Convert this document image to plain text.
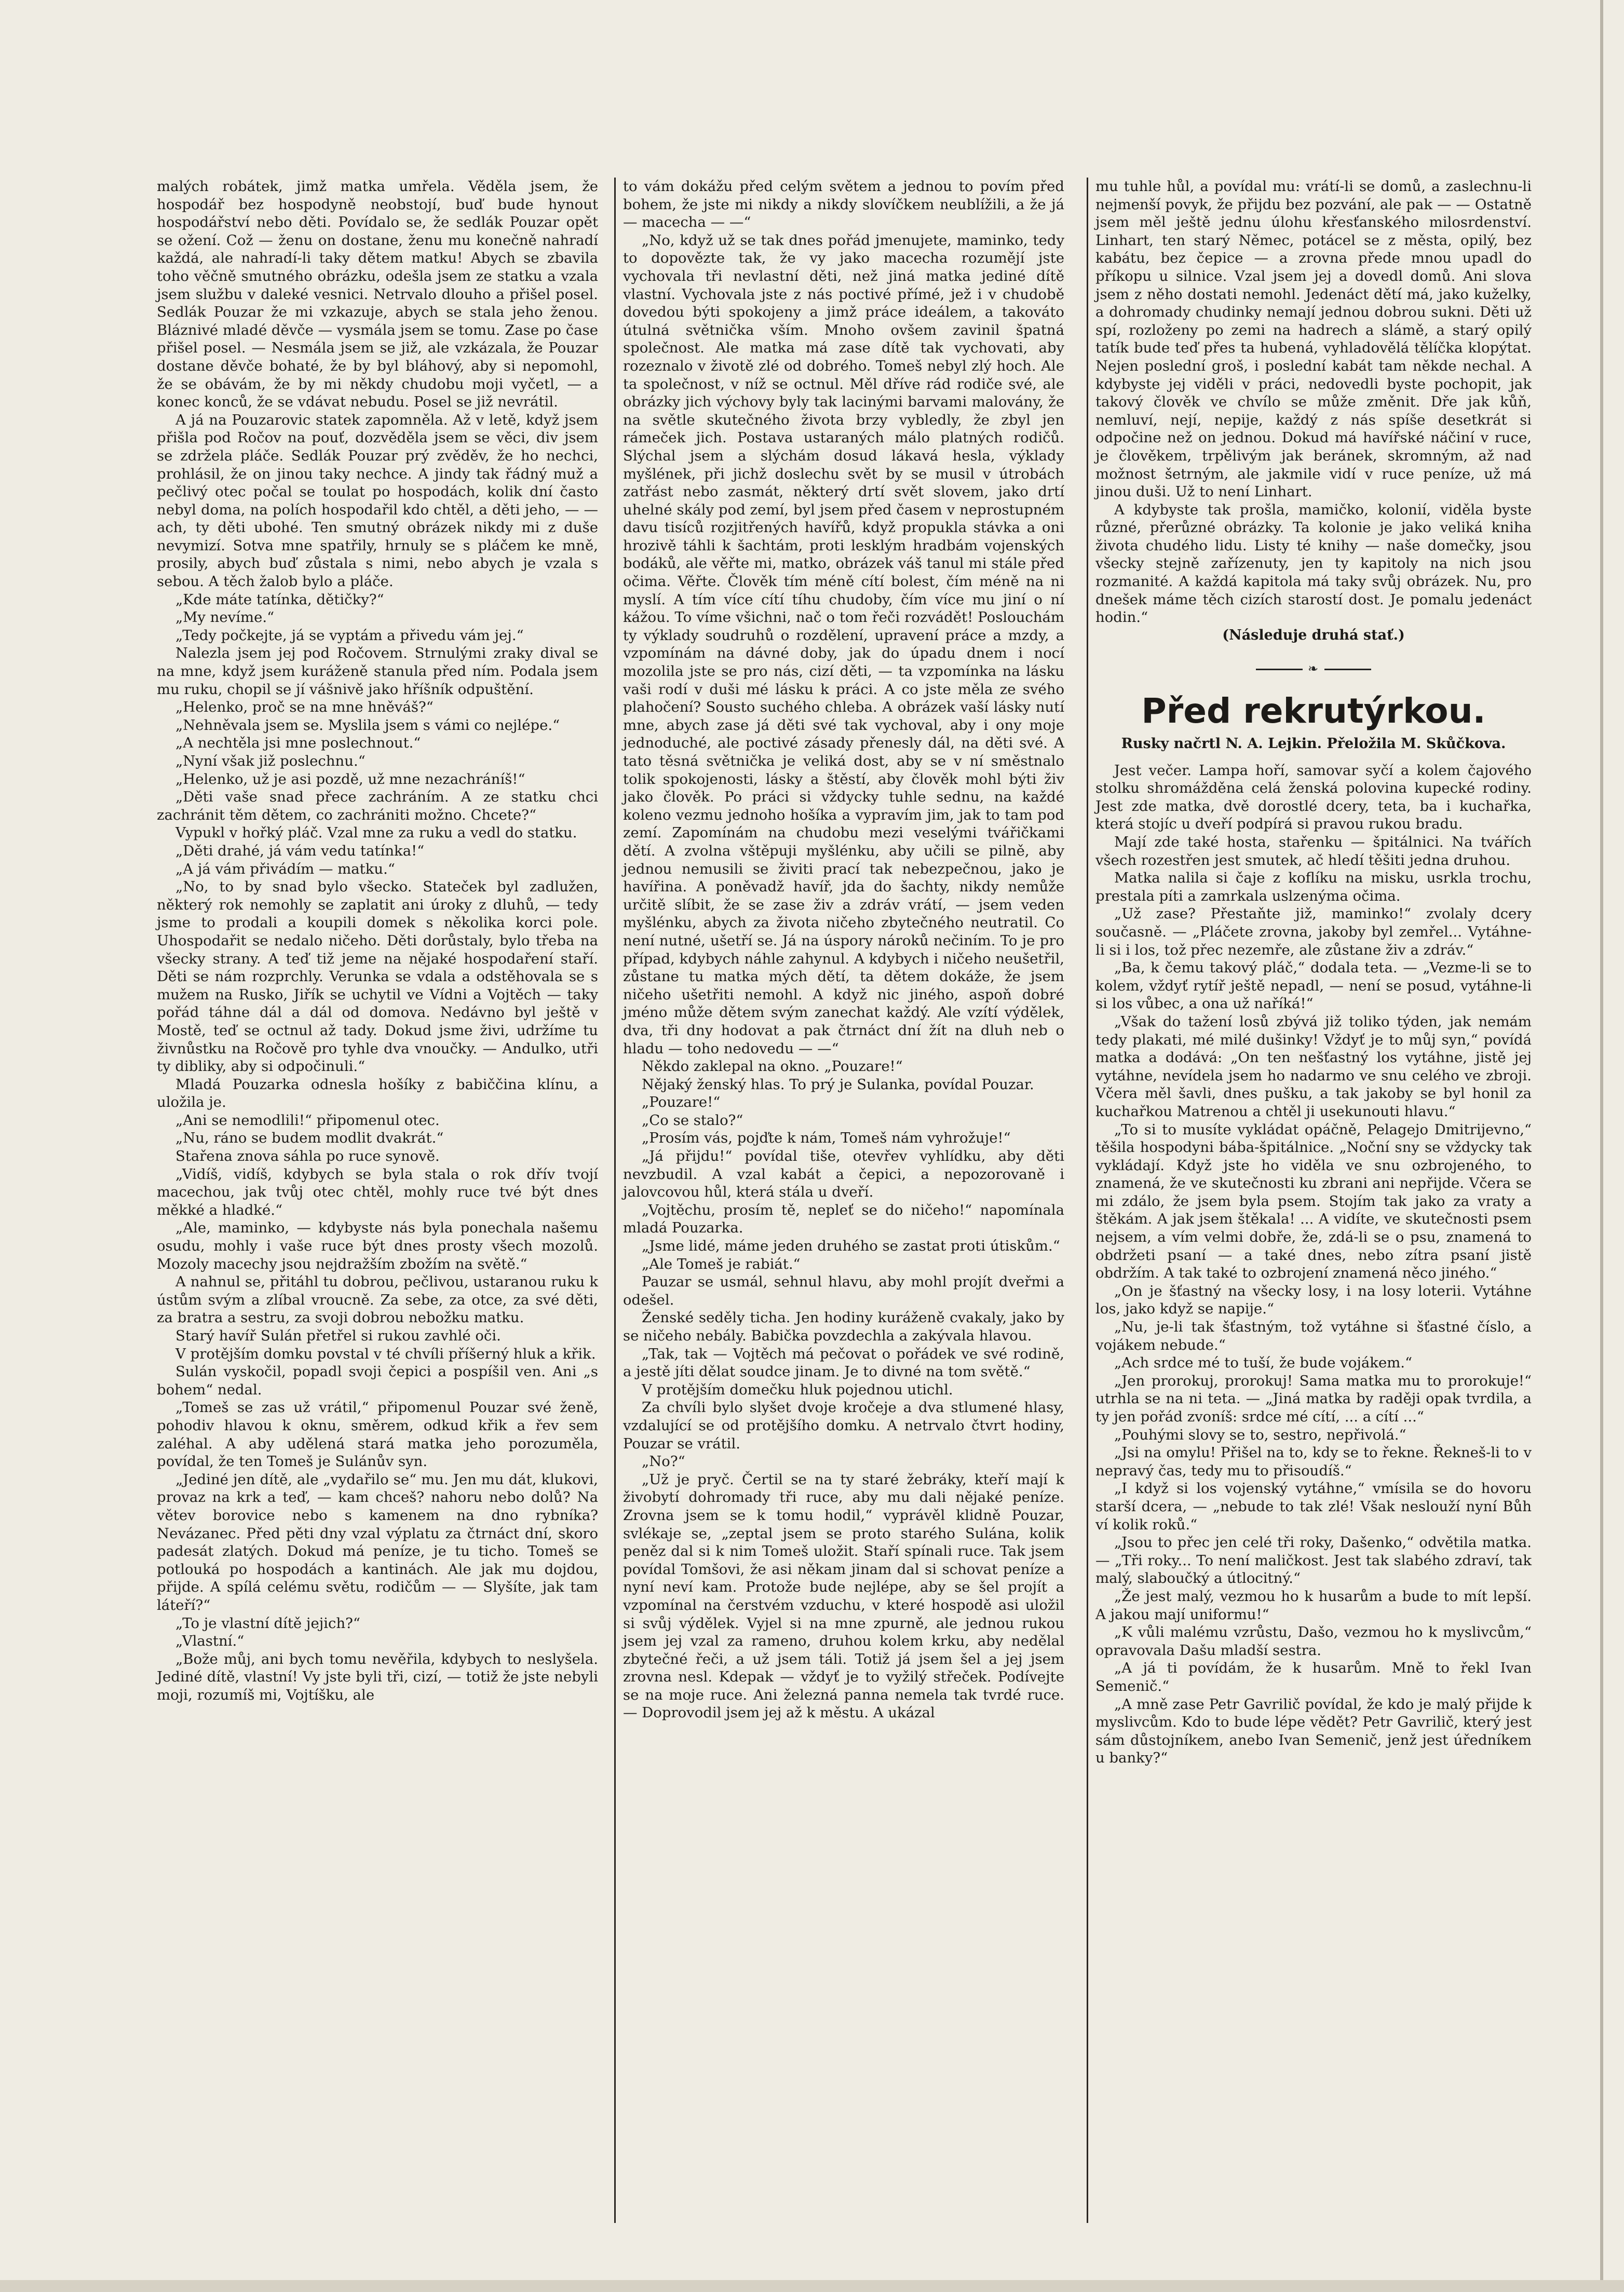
malých robátek, jimž matka umřela. Věděla jsem, že hospodář bez hospodyně neobstojí, buď bude hynout hospodářství nebo děti. Povídalo se, že sedlák Pouzar opět se ožení. Což — ženu on dostane, ženu mu konečně nahradí každá, ale nahradí-li taky dětem matku! Abych se zbavila toho věčně smutného obrázku, odešla jsem ze statku a vzala jsem službu v daleké vesnici. Netrvalo dlouho a přišel posel. Sedlák Pouzar že mi vzkazuje, abych se stala jeho ženou. Bláznivé mladé děvče — vysmála jsem se tomu. Zase po čase přišel posel. — Nesmála jsem se již, ale vzkázala, že Pouzar dostane děvče bohaté, že by byl bláhový, aby si nepomohl, že se obávám, že by mi někdy chudobu moji vyčetl, — a konec konců, že se vdávat nebudu. Posel se již nevrátil.

A já na Pouzarovic statek zapomněla. Až v letě, když jsem přišla pod Ročov na pouť, dozvěděla jsem se věci, div jsem se zdržela pláče. Sedlák Pouzar prý zvěděv, že ho nechci, prohlásil, že on jinou taky nechce. A jindy tak řádný muž a pečlivý otec počal se toulat po hospodách, kolik dní často nebyl doma, na polích hospodařil kdo chtěl, a děti jeho, — — ach, ty děti ubohé. Ten smutný obrázek nikdy mi z duše nevymizí. Sotva mne spatřily, hrnuly se s pláčem ke mně, prosily, abych buď zůstala s nimi, nebo abych je vzala s sebou. A těch žalob bylo a pláče.

„Kde máte tatínka, dětičky?“

„My nevíme.“

„Tedy počkejte, já se vyptám a přivedu vám jej.“

Nalezla jsem jej pod Ročovem. Strnulými zraky dival se na mne, když jsem kuráženě stanula před ním. Podala jsem mu ruku, chopil se jí vášnivě jako hříšník odpuštění.

„Helenko, proč se na mne hněváš?“

„Nehněvala jsem se. Myslila jsem s vámi co nejlépe.“

„A nechtěla jsi mne poslechnout.“

„Nyní však již poslechnu.“

„Helenko, už je asi pozdě, už mne nezachráníš!“

„Děti vaše snad přece zachráním. A ze statku chci zachránit těm dětem, co zachrániti možno. Chcete?“

Vypukl v hořký pláč. Vzal mne za ruku a vedl do statku.

„Děti drahé, já vám vedu tatínka!“

„A já vám přivádím — matku.“

„No, to by snad bylo všecko. Stateček byl zadlužen, některý rok nemohly se zaplatit ani úroky z dluhů, — tedy jsme to prodali a koupili domek s několika korci pole. Uhospodařit se nedalo ničeho. Děti dorůstaly, bylo třeba na všecky strany. A teď tiž jeme na nějaké hospodaření staří. Děti se nám rozprchly. Verunka se vdala a odstěhovala se s mužem na Rusko, Jiřík se uchytil ve Vídni a Vojtěch — taky pořád táhne dál a dál od domova. Nedávno byl ještě v Mostě, teď se octnul až tady. Dokud jsme živi, udržíme tu živnůstku na Ročově pro tyhle dva vnoučky. — Andulko, utři ty dibliky, aby si odpočinuli.“

Mladá Pouzarka odnesla hošíky z babiččina klínu, a uložila je.

„Ani se nemodlili!“ připomenul otec.

„Nu, ráno se budem modlit dvakrát.“

Stařena znova sáhla po ruce synově.

„Vidíš, vidíš, kdybych se byla stala o rok dřív tvojí macechou, jak tvůj otec chtěl, mohly ruce tvé být dnes měkké a hladké.“

„Ale, maminko, — kdybyste nás byla ponechala našemu osudu, mohly i vaše ruce být dnes prosty všech mozolů. Mozoly macechy jsou nejdražším zbožím na světě.“

A nahnul se, přitáhl tu dobrou, pečlivou, ustaranou ruku k ústům svým a zlíbal vroucně. Za sebe, za otce, za své děti, za bratra a sestru, za svoji dobrou nebožku matku.

Starý havíř Sulán přetřel si rukou zavhlé oči.

V protějším domku povstal v té chvíli příšerný hluk a křik.

Sulán vyskočil, popadl svoji čepici a pospíšil ven. Ani „s bohem“ nedal.

„Tomeš se zas už vrátil,“ připomenul Pouzar své ženě, pohodiv hlavou k oknu, směrem, odkud křik a řev sem zaléhal. A aby udělená stará matka jeho porozuměla, povídal, že ten Tomeš je Sulánův syn.

„Jediné jen dítě, ale „vydařilo se“ mu. Jen mu dát, klukovi, provaz na krk a teď, — kam chceš? nahoru nebo dolů? Na větev borovice nebo s kamenem na dno rybníka? Nevázanec. Před pěti dny vzal výplatu za čtrnáct dní, skoro padesát zlatých. Dokud má peníze, je tu ticho. Tomeš se potlouká po hospodách a kantinách. Ale jak mu dojdou, přijde. A spílá celému světu, rodičům — — Slyšíte, jak tam láteří?“

„To je vlastní dítě jejich?“

„Vlastní.“

„Bože můj, ani bych tomu nevěřila, kdybych to neslyšela. Jediné dítě, vlastní! Vy jste byli tři, cizí, — totiž že jste nebyli moji, rozumíš mi, Vojtíšku, ale

to vám dokážu před celým světem a jednou to povím před bohem, že jste mi nikdy a nikdy slovíčkem neublížili, a že já — macecha — —“

„No, když už se tak dnes pořád jmenujete, maminko, tedy to dopovězte tak, že vy jako macecha rozumějí jste vychovala tři nevlastní děti, než jiná matka jediné dítě vlastní. Vychovala jste z nás poctivé přímé, jež i v chudobě dovedou býti spokojeny a jimž práce ideálem, a takováto útulná světnička vším. Mnoho ovšem zavinil špatná společnost. Ale matka má zase dítě tak vychovati, aby rozeznalo v životě zlé od dobrého. Tomeš nebyl zlý hoch. Ale ta společnost, v níž se octnul. Měl dříve rád rodiče své, ale obrázky jich výchovy byly tak lacinými barvami malovány, že na světle skutečného života brzy vybledly, že zbyl jen rámeček jich. Postava ustaraných málo platných rodičů. Slýchal jsem a slýchám dosud lákavá hesla, výklady myšlének, při jichž doslechu svět by se musil v útrobách zatřást nebo zasmát, některý drtí svět slovem, jako drtí uhelné skály pod zemí, byl jsem před časem v neprostupném davu tisíců rozjitřených havířů, když propukla stávka a oni hrozivě táhli k šachtám, proti lesklým hradbám vojenských bodáků, ale věřte mi, matko, obrázek váš tanul mi stále před očima. Věřte. Člověk tím méně cítí bolest, čím méně na ni myslí. A tím více cítí tíhu chudoby, čím více mu jiní o ní kážou. To víme všichni, nač o tom řeči rozvádět! Poslouchám ty výklady soudruhů o rozdělení, upravení práce a mzdy, a vzpomínám na dávné doby, jak do úpadu dnem i nocí mozolila jste se pro nás, cizí děti, — ta vzpomínka na lásku vaši rodí v duši mé lásku k práci. A co jste měla ze svého plahočení? Sousto suchého chleba. A obrázek vaší lásky nutí mne, abych zase já děti své tak vychoval, aby i ony moje jednoduché, ale poctivé zásady přenesly dál, na děti své. A tato těsná světnička je veliká dost, aby se v ní směstnalo tolik spokojenosti, lásky a štěstí, aby člověk mohl býti živ jako člověk. Po práci si vždycky tuhle sednu, na každé koleno vezmu jednoho hošíka a vypravím jim, jak to tam pod zemí. Zapomínám na chudobu mezi veselými tvářičkami dětí. A zvolna vštěpuji myšlénku, aby učili se pilně, aby jednou nemusili se živiti prací tak nebezpečnou, jako je havířina. A poněvadž havíř, jda do šachty, nikdy nemůže určitě slíbit, že se zase živ a zdráv vrátí, — jsem veden myšlénku, abych za života ničeho zbytečného neutratil. Co není nutné, ušetří se. Já na úspory nároků nečiním. To je pro případ, kdybych náhle zahynul. A kdybych i ničeho neušetřil, zůstane tu matka mých dětí, ta dětem dokáže, že jsem ničeho ušetřiti nemohl. A když nic jiného, aspoň dobré jméno může dětem svým zanechat každý. Ale vzítí výdělek, dva, tři dny hodovat a pak čtrnáct dní žít na dluh neb o hladu — toho nedovedu — —“

Někdo zaklepal na okno. „Pouzare!“

Nějaký ženský hlas. To prý je Sulanka, povídal Pouzar.

„Pouzare!“

„Co se stalo?“

„Prosím vás, pojďte k nám, Tomeš nám vyhrožuje!“

„Já přijdu!“ povídal tiše, otevřev vyhlídku, aby děti nevzbudil. A vzal kabát a čepici, a nepozorovaně i jalovcovou hůl, která stála u dveří.

„Vojtěchu, prosím tě, nepleť se do ničeho!“ napomínala mladá Pouzarka.

„Jsme lidé, máme jeden druhého se zastat proti útiskům.“

„Ale Tomeš je rabiát.“

Pauzar se usmál, sehnul hlavu, aby mohl projít dveřmi a odešel.

Ženské seděly ticha. Jen hodiny kuráženě cvakaly, jako by se ničeho nebály. Babička povzdechla a zakývala hlavou.

„Tak, tak — Vojtěch má pečovat o pořádek ve své rodině, a jestě jíti dělat soudce jinam. Je to divné na tom světě.“

V protějším domečku hluk pojednou utichl.

Za chvíli bylo slyšet dvoje kročeje a dva stlumené hlasy, vzdalující se od protějšího domku. A netrvalo čtvrt hodiny, Pouzar se vrátil.

„No?“

„Už je pryč. Čertil se na ty staré žebráky, kteří mají k živobytí dohromady tři ruce, aby mu dali nějaké peníze. Zrovna jsem se k tomu hodil,“ vyprávěl klidně Pouzar, svlékaje se, „zeptal jsem se proto starého Sulána, kolik peněz dal si k nim Tomeš uložit. Staří spínali ruce. Tak jsem povídal Tomšovi, že asi někam jinam dal si schovat peníze a nyní neví kam. Protože bude nejlépe, aby se šel projít a vzpomínal na čerstvém vzduchu, v které hospodě asi uložil si svůj výdělek. Vyjel si na mne zpurně, ale jednou rukou jsem jej vzal za rameno, druhou kolem krku, aby nedělal zbytečné řeči, a už jsem táli. Totiž já jsem šel a jej jsem zrovna nesl. Kdepak — vždyť je to vyžilý střeček. Podívejte se na moje ruce. Ani železná panna nemela tak tvrdé ruce. — Doprovodil jsem jej až k městu. A ukázal

mu tuhle hůl, a povídal mu: vrátí-li se domů, a zaslechnu-li nejmenší povyk, že přijdu bez pozvání, ale pak — — Ostatně jsem měl ještě jednu úlohu křesťanského milosrdenství. Linhart, ten starý Němec, potácel se z města, opilý, bez kabátu, bez čepice — a zrovna přede mnou upadl do příkopu u silnice. Vzal jsem jej a dovedl domů. Ani slova jsem z něho dostati nemohl. Jedenáct dětí má, jako kuželky, a dohromady chudinky nemají jednou dobrou sukni. Děti už spí, rozloženy po zemi na hadrech a slámě, a starý opilý tatík bude teď přes ta hubená, vyhladovělá tělíčka klopýtat. Nejen poslední groš, i poslední kabát tam někde nechal. A kdybyste jej viděli v práci, nedovedli byste pochopit, jak takový člověk ve chvílo se může změnit. Dře jak kůň, nemluví, nejí, nepije, každý z nás spíše desetkrát si odpočine než on jednou. Dokud má havířské náčiní v ruce, je člověkem, trpělivým jak beránek, skromným, až nad možnost šetrným, ale jakmile vidí v ruce peníze, už má jinou duši. Už to není Linhart.

A kdybyste tak prošla, mamičko, kolonií, viděla byste různé, přerůzné obrázky. Ta kolonie je jako veliká kniha života chudého lidu. Listy té knihy — naše domečky, jsou všecky stejně zařízenuty, jen ty kapitoly na nich jsou rozmanité. A každá kapitola má taky svůj obrázek. Nu, pro dnešek máme těch cizích starostí dost. Je pomalu jedenáct hodin.“

(Následuje druhá stať.)

❧
Před rekrutýrkou.
Rusky načrtl N. A. Lejkin. Přeložila M. Skůčkova.

Jest večer. Lampa hoří, samovar syčí a kolem čajového stolku shromážděna celá ženská polovina kupecké rodiny. Jest zde matka, dvě dorostlé dcery, teta, ba i kuchařka, která stojíc u dveří podpírá si pravou rukou bradu.

Mají zde také hosta, stařenku — špitálnici. Na tvářích všech rozestřen jest smutek, ač hledí těšiti jedna druhou.

Matka nalila si čaje z koflíku na misku, usrkla trochu, prestala píti a zamrkala uslzenýma očima.

„Už zase? Přestaňte již, maminko!“ zvolaly dcery současně. — „Pláčete zrovna, jakoby byl zemřel... Vytáhne-li si i los, tož přec nezemře, ale zůstane živ a zdráv.“

„Ba, k čemu takový pláč,“ dodala teta. — „Vezme-li se to kolem, vždyť rytíř ještě nepadl, — není se posud, vytáhne-li si los vůbec, a ona už naříká!“

„Však do tažení losů zbývá již toliko týden, jak nemám tedy plakati, mé milé dušinky! Vždyť je to můj syn,“ povídá matka a dodává: „On ten nešťastný los vytáhne, jistě jej vytáhne, nevídela jsem ho nadarmo ve snu celého ve zbroji. Včera měl šavli, dnes pušku, a tak jakoby se byl honil za kuchařkou Matrenou a chtěl ji usekunouti hlavu.“

„To si to musíte vykládat opáčně, Pelagejo Dmitrijevno,“ těšila hospodyni bába-špitálnice. „Noční sny se vždycky tak vykládají. Když jste ho viděla ve snu ozbrojeného, to znamená, že ve skutečnosti ku zbrani ani nepřijde. Včera se mi zdálo, že jsem byla psem. Stojím tak jako za vraty a štěkám. A jak jsem štěkala! ... A vidíte, ve skutečnosti psem nejsem, a vím velmi dobře, že, zdá-li se o psu, znamená to obdržeti psaní — a také dnes, nebo zítra psaní jistě obdržím. A tak také to ozbrojení znamená něco jiného.“

„On je šťastný na všecky losy, i na losy loterii. Vytáhne los, jako když se napije.“

„Nu, je-li tak šťastným, tož vytáhne si šťastné číslo, a vojákem nebude.“

„Ach srdce mé to tuší, že bude vojákem.“

„Jen prorokuj, prorokuj! Sama matka mu to prorokuje!“ utrhla se na ni teta. — „Jiná matka by raději opak tvrdila, a ty jen pořád zvoníš: srdce mé cítí, ... a cítí ...“

„Pouhými slovy se to, sestro, nepřivolá.“

„Jsi na omylu! Přišel na to, kdy se to řekne. Řekneš-li to v nepravý čas, tedy mu to přisoudíš.“

„I když si los vojenský vytáhne,“ vmísila se do hovoru starší dcera, — „nebude to tak zlé! Však neslouží nyní Bůh ví kolik roků.“

„Jsou to přec jen celé tři roky, Dašenko,“ odvětila matka. — „Tři roky... To není maličkost. Jest tak slabého zdraví, tak malý, slaboučký a útlocitný.“

„Že jest malý, vezmou ho k husarům a bude to mít lepší. A jakou mají uniformu!“

„K vůli malému vzrůstu, Dašo, vezmou ho k myslivcům,“ opravovala Dašu mladší sestra.

„A já ti povídám, že k husarům. Mně to řekl Ivan Semenič.“

„A mně zase Petr Gavrilič povídal, že kdo je malý přijde k myslivcům. Kdo to bude lépe vědět? Petr Gavrilič, který jest sám důstojníkem, anebo Ivan Semenič, jenž jest úředníkem u banky?“
